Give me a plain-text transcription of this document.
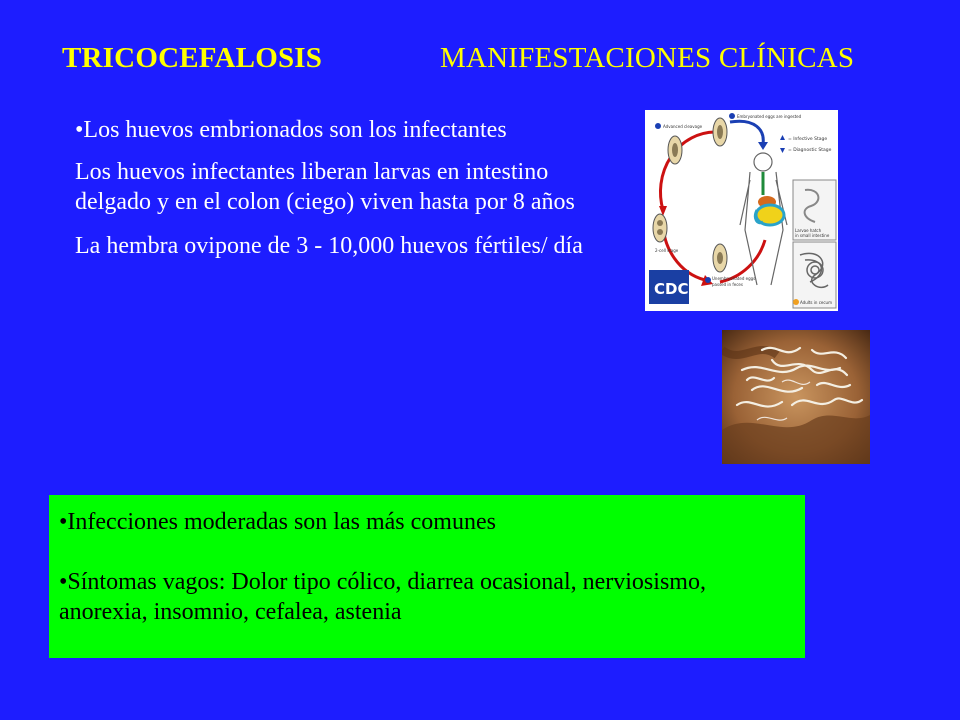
TRICOCEFALOSIS	MANIFESTACIONES CLÍNICAS

•Los huevos embrionados son los infectantes

Los huevos infectantes liberan larvas en intestino delgado y en el colon (ciego) viven hasta por 8 años

La hembra ovipone de 3 - 10,000 huevos fértiles/ día

= Infective Stage
= Diagnostic Stage
Advanced cleavage
Embryonated eggs are ingested
2-cell stage
Unembryonated eggs
passed in feces
Larvae hatch
in small intestine
Adults in cecum
CDC

•Infecciones moderadas son las más comunes

•Síntomas vagos: Dolor tipo cólico, diarrea ocasional, nerviosismo, anorexia, insomnio, cefalea, astenia
